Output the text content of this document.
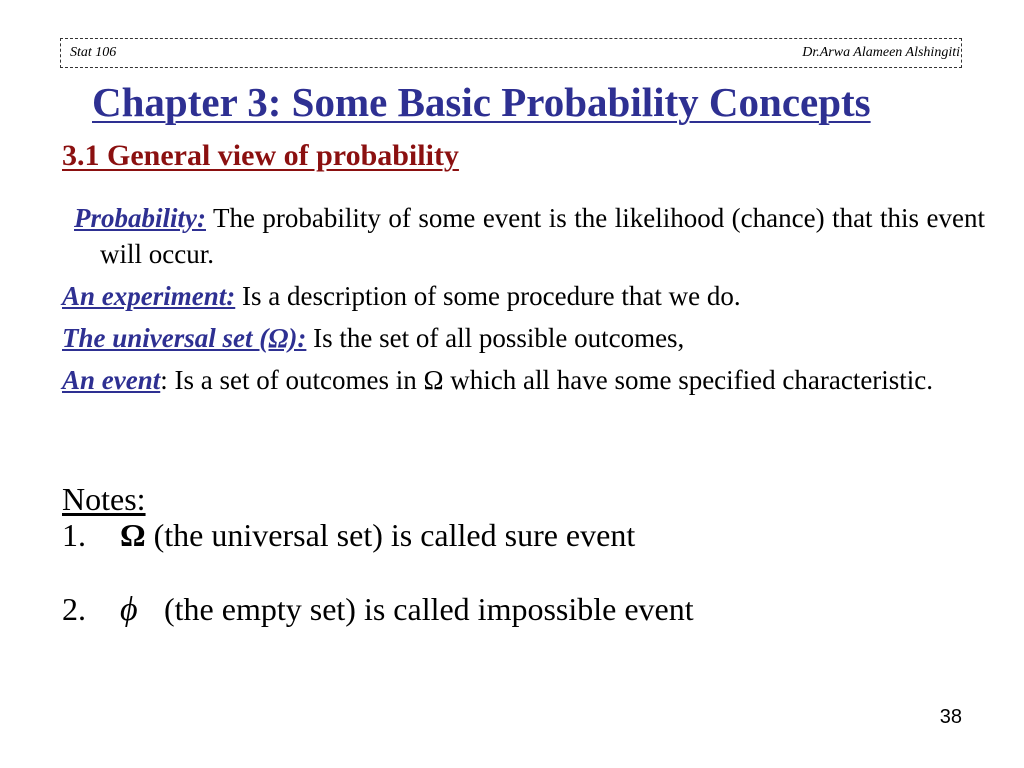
Stat 106	Dr.Arwa Alameen Alshingiti
Chapter 3: Some Basic Probability Concepts
3.1 General view of probability

Probability: The probability of some event is the likelihood (chance) that this event will occur.

An experiment: Is a description of some procedure that we do.

The universal set (Ω): Is the set of all possible outcomes,

An event: Is a set of outcomes in Ω which all have some specified characteristic.

Notes:
1. Ω (the universal set) is called sure event
2. ϕ (the empty set) is called impossible event
38
